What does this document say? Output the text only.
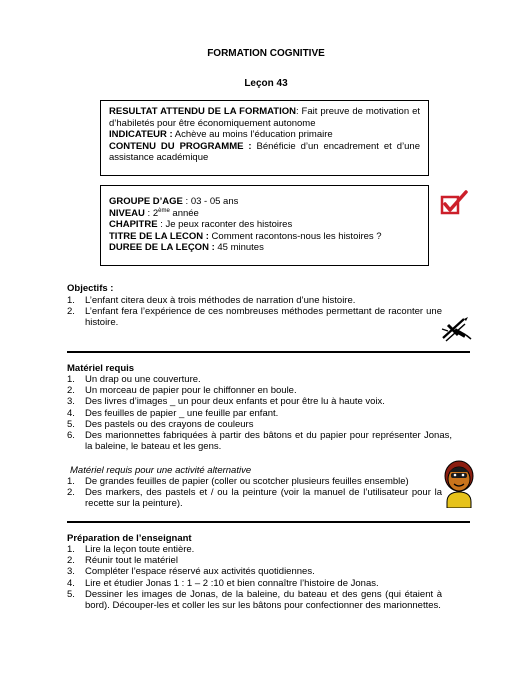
FORMATION COGNITIVE
Leçon 43

RESULTAT ATTENDU DE LA FORMATION: Fait preuve de motivation et d’habiletés pour être économiquement autonome

INDICATEUR : Achève au moins l’éducation primaire

CONTENU DU PROGRAMME : Bénéficie d’un encadrement et d’une assistance académique

GROUPE D’AGE : 03 - 05 ans

NIVEAU : 2ème année

CHAPITRE : Je peux raconter des histoires

TITRE DE LA LECON : Comment racontons-nous les histoires ?

DUREE DE LA LEÇON : 45 minutes

Objectifs :
1. L’enfant citera deux à trois méthodes de narration d’une histoire.
2. L’enfant fera l’expérience de ces nombreuses méthodes permettant de raconter une histoire.
Matériel requis
1. Un drap ou une couverture.
2. Un morceau de papier pour le chiffonner en boule.
3. Des livres d’images _ un pour deux enfants et pour être lu à haute voix.
4. Des feuilles de papier _ une feuille par enfant.
5. Des pastels ou des crayons de couleurs
6. Des marionnettes fabriquées à partir des bâtons et du papier pour représenter Jonas, la baleine, le bateau et les gens.
Matériel requis pour une activité alternative
1. De grandes feuilles de papier (coller ou scotcher plusieurs feuilles ensemble)
2. Des markers, des pastels et / ou la peinture (voir la manuel de l’utilisateur pour la recette sur la peinture).
Préparation de l’enseignant
1. Lire la leçon toute entière.
2. Réunir tout le matériel
3. Compléter l’espace réservé aux activités quotidiennes.
4. Lire et étudier Jonas 1 : 1 – 2 :10 et bien connaître l’histoire de Jonas.
5. Dessiner les images de Jonas, de la baleine, du bateau et des gens (qui étaient à bord). Découper-les et coller les sur les bâtons pour confectionner des marionnettes.
